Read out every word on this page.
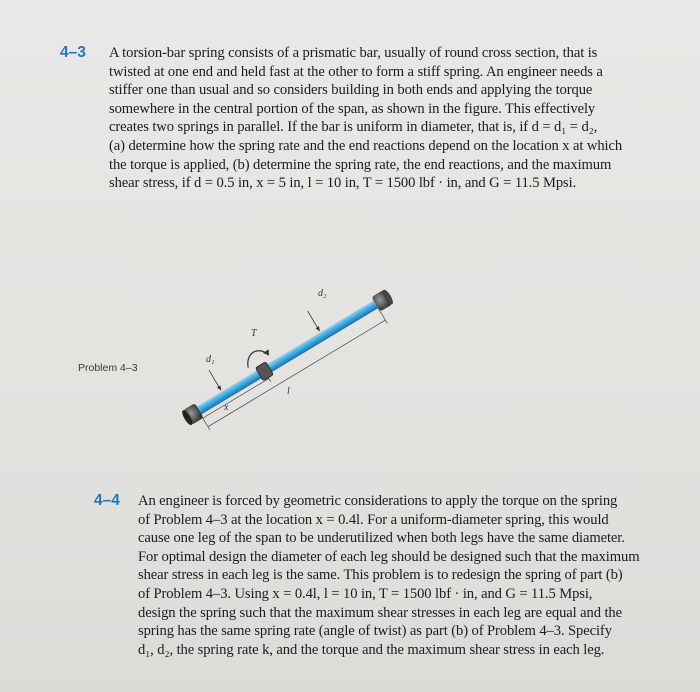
4–3 A torsion-bar spring consists of a prismatic bar, usually of round cross section, that is
twisted at one end and held fast at the other to form a stiff spring. An engineer needs a
stiffer one than usual and so considers building in both ends and applying the torque
somewhere in the central portion of the span, as shown in the figure. This effectively
creates two springs in parallel. If the bar is uniform in diameter, that is, if d = d₁ = d₂,
(a) determine how the spring rate and the end reactions depend on the location x at which
the torque is applied, (b) determine the spring rate, the end reactions, and the maximum
shear stress, if d = 0.5 in, x = 5 in, l = 10 in, T = 1500 lbf · in, and G = 11.5 Mpsi.
Problem 4–3
d₁
d₂
T
x
l
4–4 An engineer is forced by geometric considerations to apply the torque on the spring
of Problem 4–3 at the location x = 0.4l. For a uniform-diameter spring, this would
cause one leg of the span to be underutilized when both legs have the same diameter.
For optimal design the diameter of each leg should be designed such that the maximum
shear stress in each leg is the same. This problem is to redesign the spring of part (b)
of Problem 4–3. Using x = 0.4l, l = 10 in, T = 1500 lbf · in, and G = 11.5 Mpsi,
design the spring such that the maximum shear stresses in each leg are equal and the
spring has the same spring rate (angle of twist) as part (b) of Problem 4–3. Specify
d₁, d₂, the spring rate k, and the torque and the maximum shear stress in each leg.
